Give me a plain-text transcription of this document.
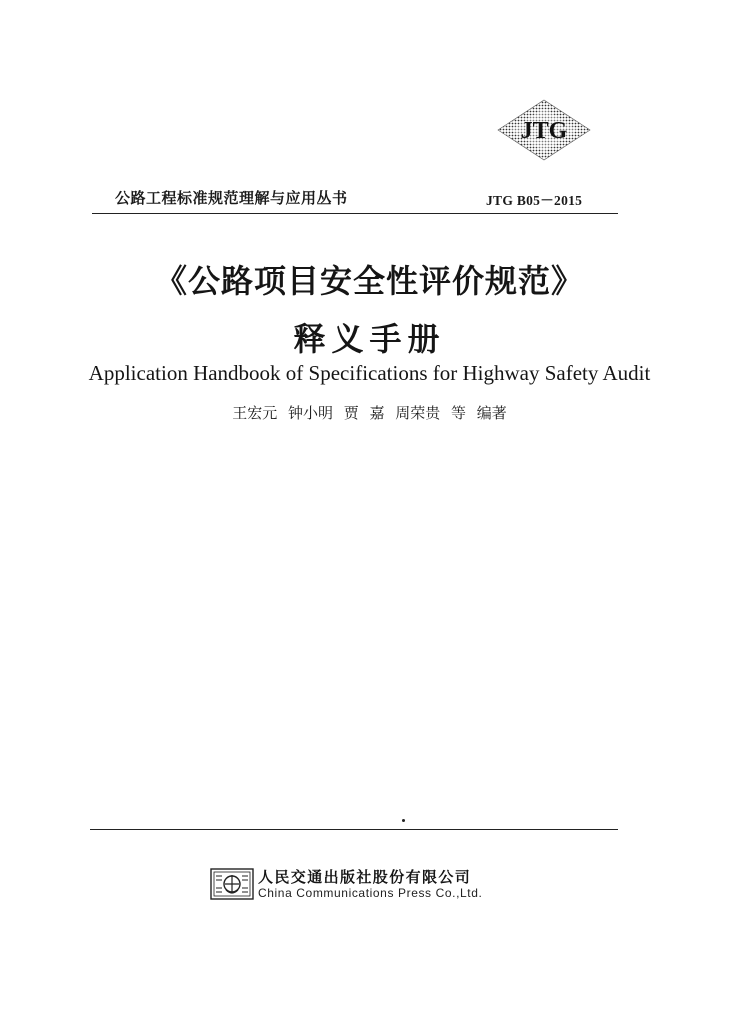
JTG
公路工程标准规范理解与应用丛书	JTG B05－2015
《公路项目安全性评价规范》
释义手册
Application Handbook of Specifications for Highway Safety Audit
王宏元 钟小明 贾 嘉 周荣贵 等 编著
人民交通出版社股份有限公司
China Communications Press Co.,Ltd.
